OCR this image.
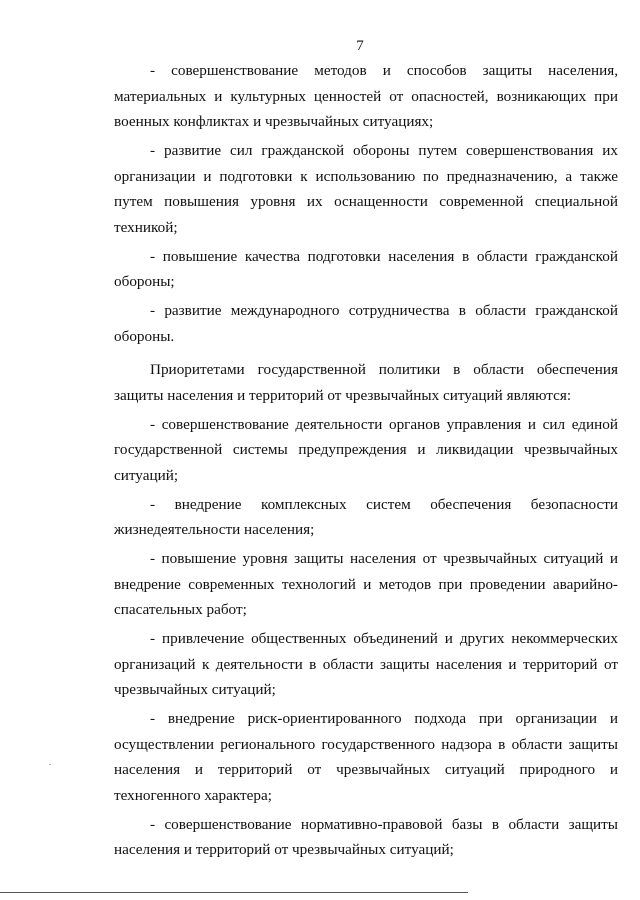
7

- совершенствование методов и способов защиты населения, материальных и культурных ценностей от опасностей, возникающих при военных конфликтах и чрезвычайных ситуациях;

- развитие сил гражданской обороны путем совершенствования их организации и подготовки к использованию по предназначению, а также путем повышения уровня их оснащенности современной специальной техникой;

- повышение качества подготовки населения в области гражданской обороны;

- развитие международного сотрудничества в области гражданской обороны.

Приоритетами государственной политики в области обеспечения защиты населения и территорий от чрезвычайных ситуаций являются:

- совершенствование деятельности органов управления и сил единой государственной системы предупреждения и ликвидации чрезвычайных ситуаций;

- внедрение комплексных систем обеспечения безопасности жизнедеятельности населения;

- повышение уровня защиты населения от чрезвычайных ситуаций и внедрение современных технологий и методов при проведении аварийно-спасательных работ;

- привлечение общественных объединений и других некоммерческих организаций к деятельности в области защиты населения и территорий от чрезвычайных ситуаций;

- внедрение риск-ориентированного подхода при организации и осуществлении регионального государственного надзора в области защиты населения и территорий от чрезвычайных ситуаций природного и техногенного характера;

- совершенствование нормативно-правовой базы в области защиты населения и территорий от чрезвычайных ситуаций;
